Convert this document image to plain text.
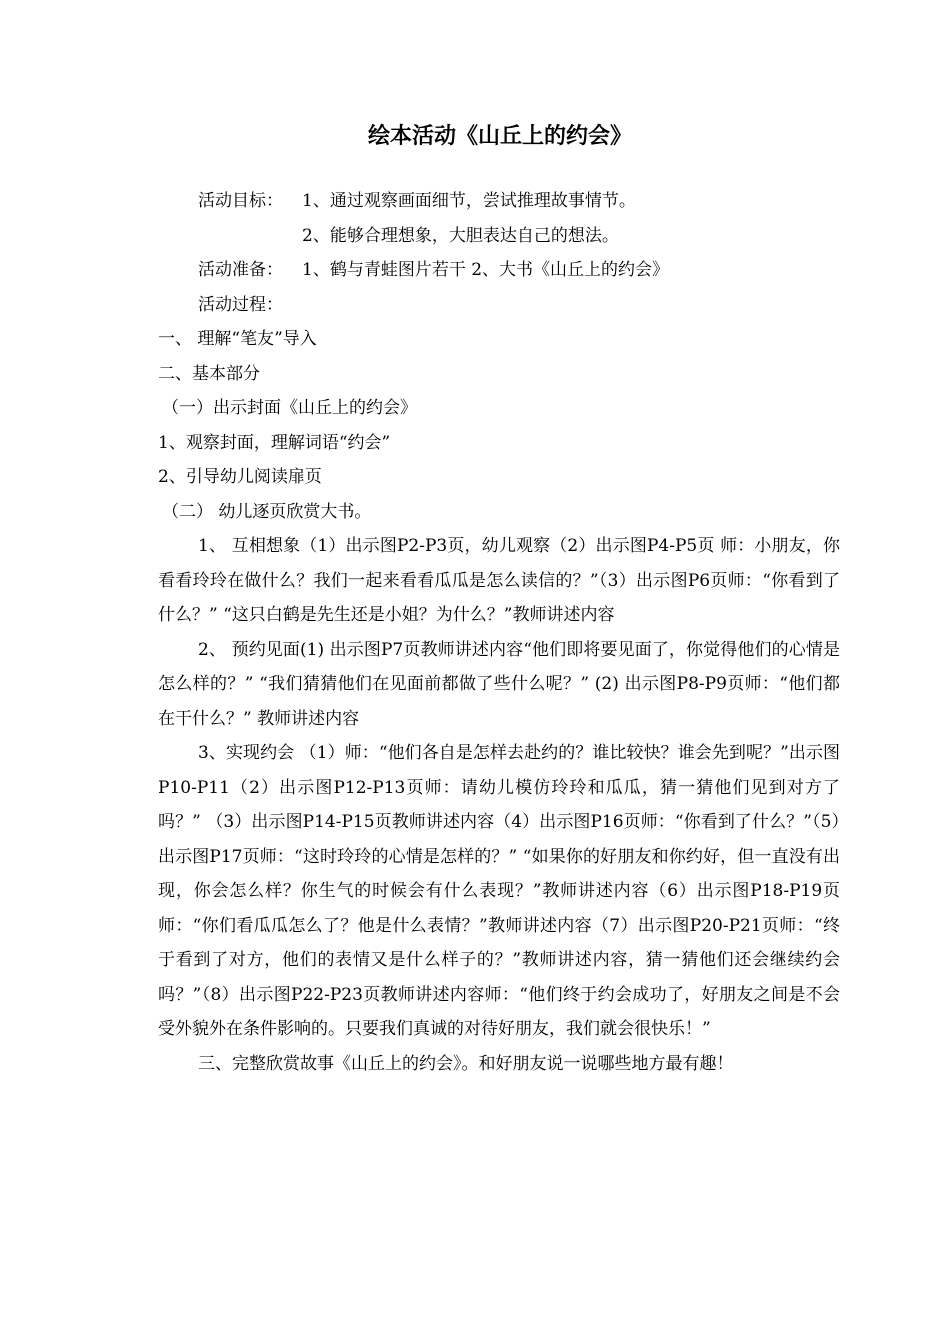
绘本活动《山丘上的约会》
活动目标： 1、通过观察画面细节，尝试推理故事情节。
2、能够合理想象，大胆表达自己的想法。
活动准备： 1、鹤与青蛙图片若干 2、大书《山丘上的约会》
活动过程：
一、 理解“笔友”导入
二、基本部分
（一）出示封面《山丘上的约会》
1、观察封面，理解词语“约会”
2、引导幼儿阅读扉页
（二） 幼儿逐页欣赏大书。
1、 互相想象（1）出示图P2-P3页，幼儿观察（2）出示图P4-P5页 师：小朋友，你看看玲玲在做什么？我们一起来看看瓜瓜是怎么读信的？”（3）出示图P6页师：“你看到了什么？” “这只白鹤是先生还是小姐？为什么？”教师讲述内容
2、 预约见面(1) 出示图P7页教师讲述内容“他们即将要见面了，你觉得他们的心情是怎么样的？” “我们猜猜他们在见面前都做了些什么呢？” (2) 出示图P8-P9页师：“他们都在干什么？” 教师讲述内容
3、实现约会 （1）师：“他们各自是怎样去赴约的？谁比较快？谁会先到呢？”出示图P10-P11（2）出示图P12-P13页师：请幼儿模仿玲玲和瓜瓜，猜一猜他们见到对方了吗？” （3）出示图P14-P15页教师讲述内容（4）出示图P16页师：“你看到了什么？”（5）出示图P17页师：“这时玲玲的心情是怎样的？” “如果你的好朋友和你约好，但一直没有出现，你会怎么样？你生气的时候会有什么表现？”教师讲述内容（6）出示图P18-P19页师：“你们看瓜瓜怎么了？他是什么表情？”教师讲述内容（7）出示图P20-P21页师：“终于看到了对方，他们的表情又是什么样子的？”教师讲述内容，猜一猜他们还会继续约会吗？”（8）出示图P22-P23页教师讲述内容师：“他们终于约会成功了，好朋友之间是不会受外貌外在条件影响的。只要我们真诚的对待好朋友，我们就会很快乐！”
三、完整欣赏故事《山丘上的约会》。和好朋友说一说哪些地方最有趣！
